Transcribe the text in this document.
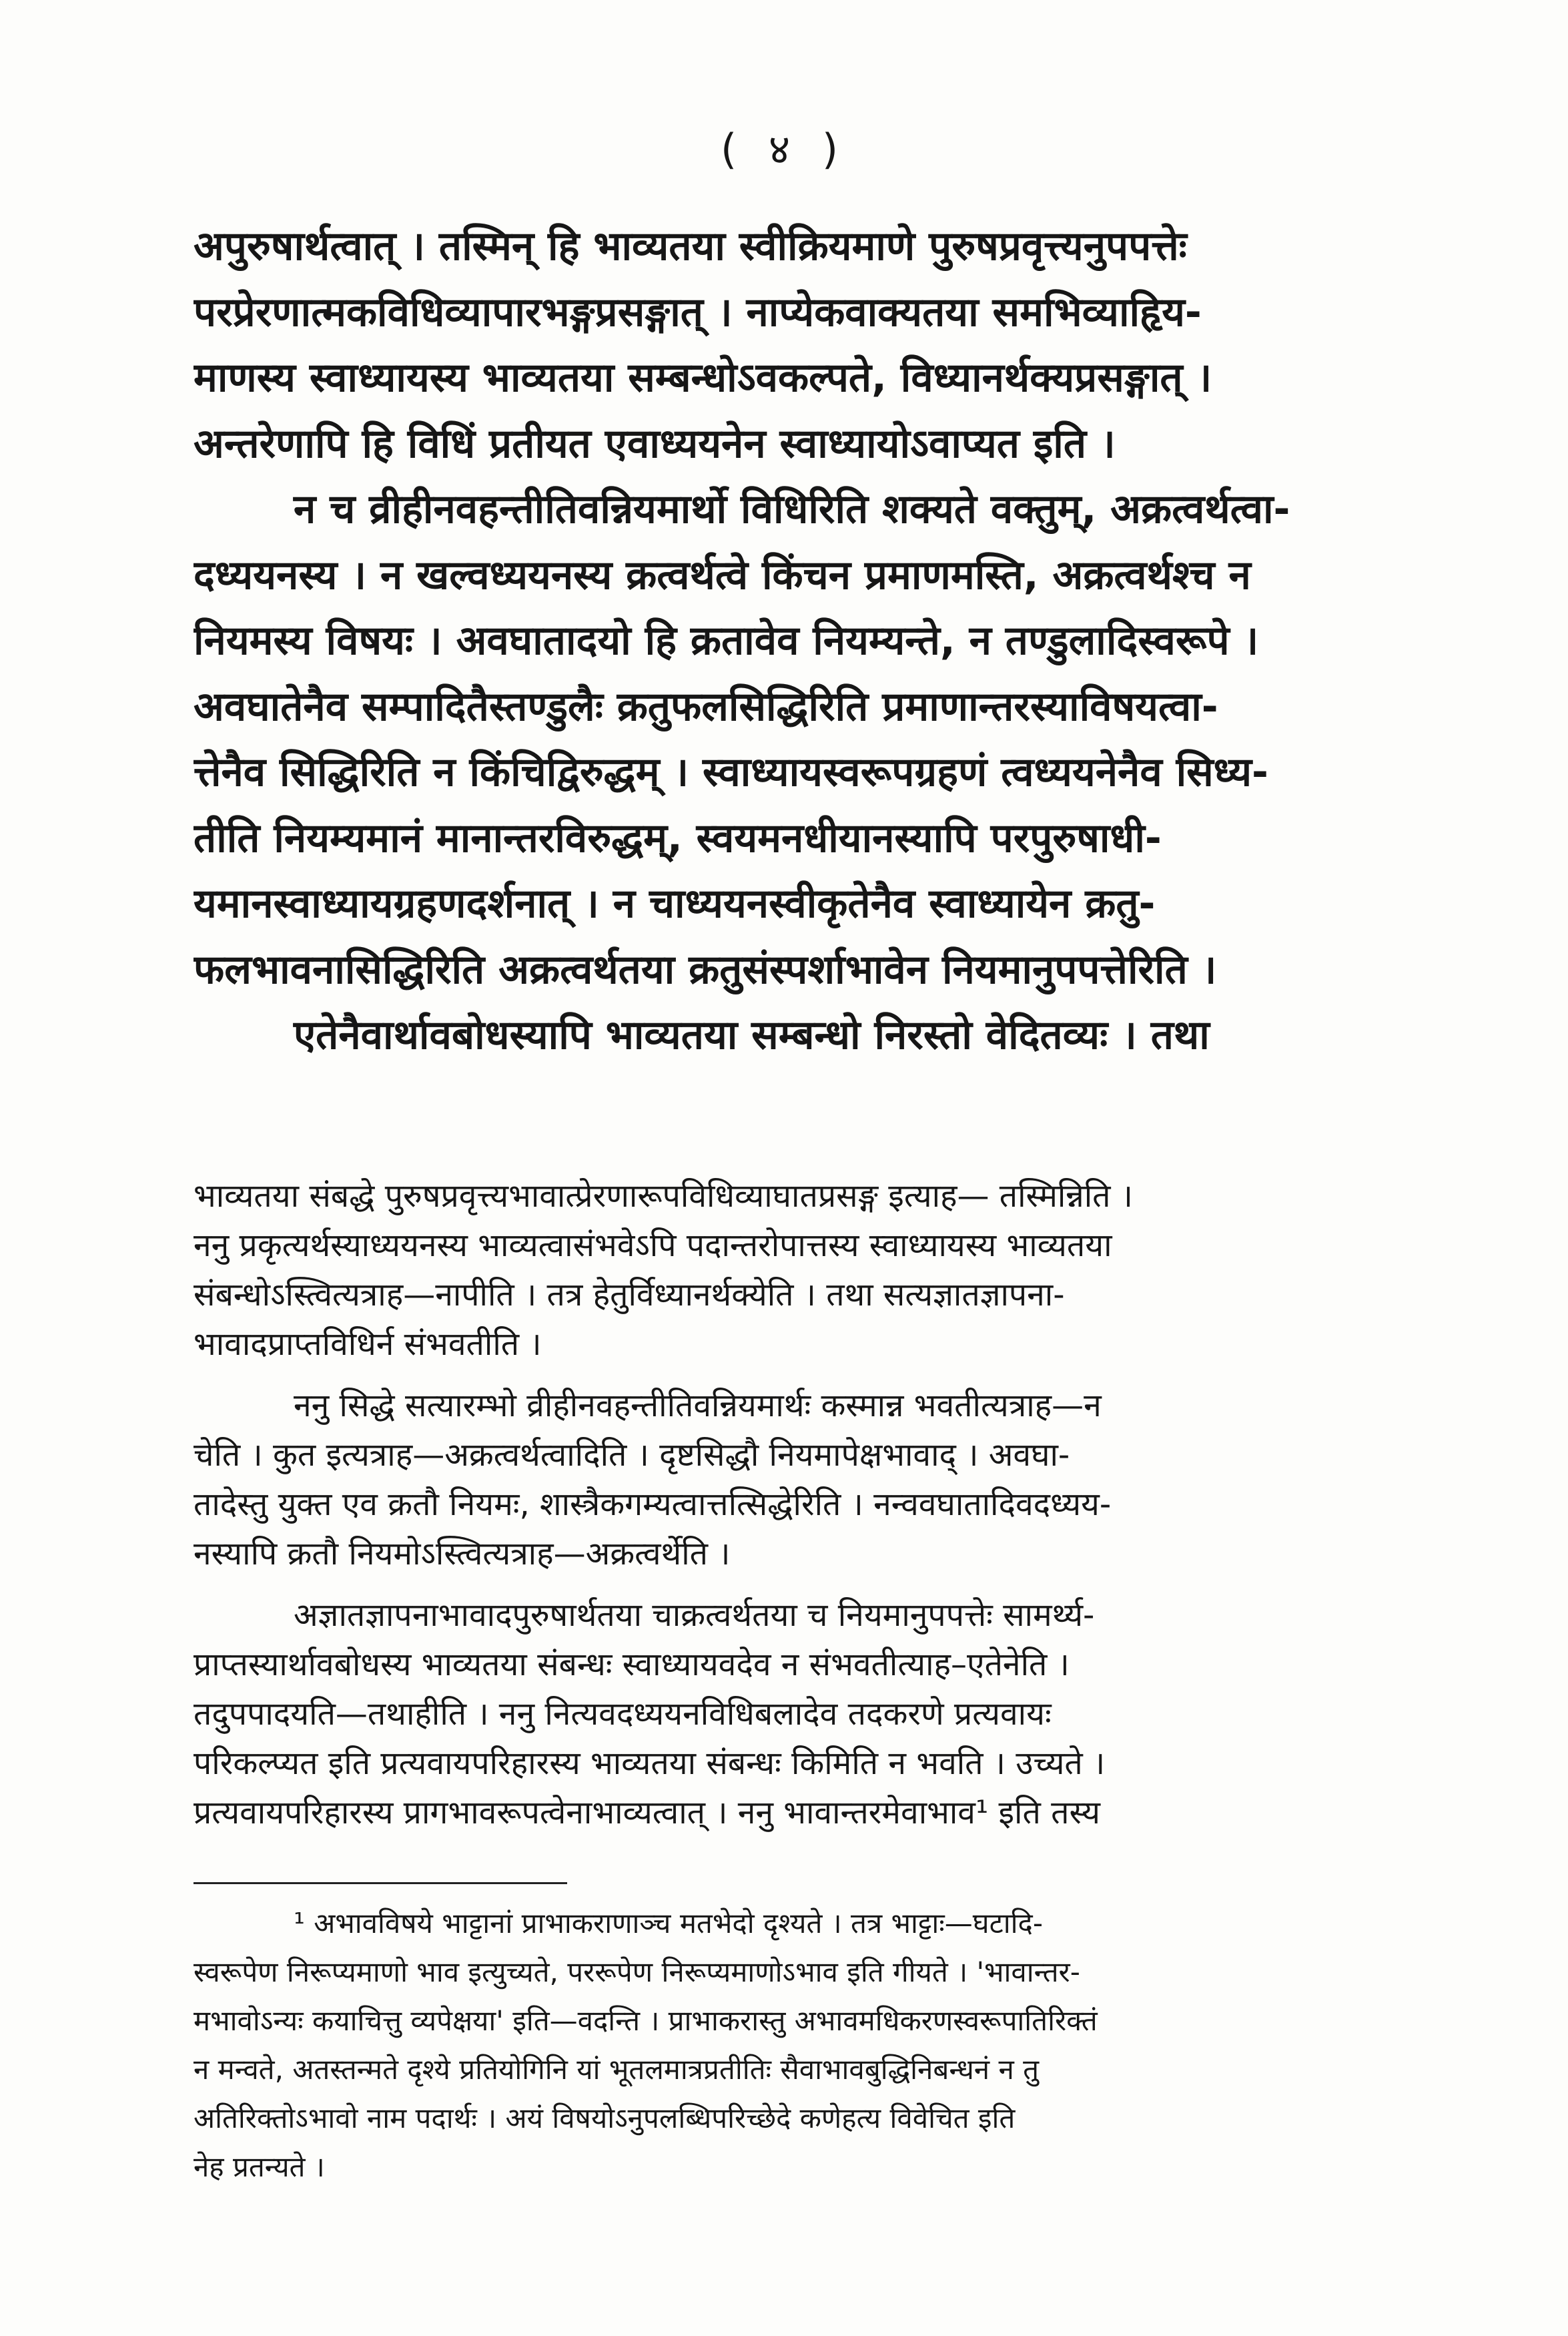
( ४ )
अपुरुषार्थत्वात् । तस्मिन् हि भाव्यतया स्वीक्रियमाणे पुरुषप्रवृत्त्यनुपपत्तेः
परप्रेरणात्मकविधिव्यापारभङ्गप्रसङ्गात् । नाप्येकवाक्यतया समभिव्याहृिय-
माणस्य स्वाध्यायस्य भाव्यतया सम्बन्धोऽवकल्पते, विध्यानर्थक्यप्रसङ्गात् ।
अन्तरेणापि हि विधिं प्रतीयत एवाध्ययनेन स्वाध्यायोऽवाप्यत इति ।
न च व्रीहीनवहन्तीतिवन्नियमार्थो विधिरिति शक्यते वक्तुम्, अक्रत्वर्थत्वा-
दध्ययनस्य । न खल्वध्ययनस्य क्रत्वर्थत्वे किंचन प्रमाणमस्ति, अक्रत्वर्थश्च न
नियमस्य विषयः । अवघातादयो हि क्रतावेव नियम्यन्ते, न तण्डुलादिस्वरूपे ।
अवघातेनैव सम्पादितैस्तण्डुलैः क्रतुफलसिद्धिरिति प्रमाणान्तरस्याविषयत्वा-
त्तेनैव सिद्धिरिति न किंचिद्विरुद्धम् । स्वाध्यायस्वरूपग्रहणं त्वध्ययनेनैव सिध्य-
तीति नियम्यमानं मानान्तरविरुद्धम्, स्वयमनधीयानस्यापि परपुरुषाधी-
यमानस्वाध्यायग्रहणदर्शनात् । न चाध्ययनस्वीकृतेनैव स्वाध्यायेन क्रतु-
फलभावनासिद्धिरिति अक्रत्वर्थतया क्रतुसंस्पर्शाभावेन नियमानुपपत्तेरिति ।
एतेनैवार्थावबोधस्यापि भाव्यतया सम्बन्धो निरस्तो वेदितव्यः । तथा
भाव्यतया संबद्धे पुरुषप्रवृत्त्यभावात्प्रेरणारूपविधिव्याघातप्रसङ्ग इत्याह— तस्मिन्निति ।
ननु प्रकृत्यर्थस्याध्ययनस्य भाव्यत्वासंभवेऽपि पदान्तरोपात्तस्य स्वाध्यायस्य भाव्यतया
संबन्धोऽस्त्वित्यत्राह—नापीति । तत्र हेतुर्विध्यानर्थक्येति । तथा सत्यज्ञातज्ञापना-
भावादप्राप्तविधिर्न संभवतीति ।
ननु सिद्धे सत्यारम्भो व्रीहीनवहन्तीतिवन्नियमार्थः कस्मान्न भवतीत्यत्राह—न
चेति । कुत इत्यत्राह—अक्रत्वर्थत्वादिति । दृष्टसिद्धौ नियमापेक्षभावाद् । अवघा-
तादेस्तु युक्त एव क्रतौ नियमः, शास्त्रैकगम्यत्वात्तत्सिद्धेरिति । नन्ववघातादिवदध्यय-
नस्यापि क्रतौ नियमोऽस्त्वित्यत्राह—अक्रत्वर्थेति ।
अज्ञातज्ञापनाभावादपुरुषार्थतया चाक्रत्वर्थतया च नियमानुपपत्तेः सामर्थ्य-
प्राप्तस्यार्थावबोधस्य भाव्यतया संबन्धः स्वाध्यायवदेव न संभवतीत्याह–एतेनेति ।
तदुपपादयति—तथाहीति । ननु नित्यवदध्ययनविधिबलादेव तदकरणे प्रत्यवायः
परिकल्प्यत इति प्रत्यवायपरिहारस्य भाव्यतया संबन्धः किमिति न भवति । उच्यते ।
प्रत्यवायपरिहारस्य प्रागभावरूपत्वेनाभाव्यत्वात् । ननु भावान्तरमेवाभाव¹ इति तस्य
¹ अभावविषये भाट्टानां प्राभाकराणाञ्च मतभेदो दृश्यते । तत्र भाट्टाः—घटादि-
स्वरूपेण निरूप्यमाणो भाव इत्युच्यते, पररूपेण निरूप्यमाणोऽभाव इति गीयते । 'भावान्तर-
मभावोऽन्यः कयाचित्तु व्यपेक्षया' इति—वदन्ति । प्राभाकरास्तु अभावमधिकरणस्वरूपातिरिक्तं
न मन्वते, अतस्तन्मते दृश्ये प्रतियोगिनि यां भूतलमात्रप्रतीतिः सैवाभावबुद्धिनिबन्धनं न तु
अतिरिक्तोऽभावो नाम पदार्थः । अयं विषयोऽनुपलब्धिपरिच्छेदे कणेहत्य विवेचित इति
नेह प्रतन्यते ।
